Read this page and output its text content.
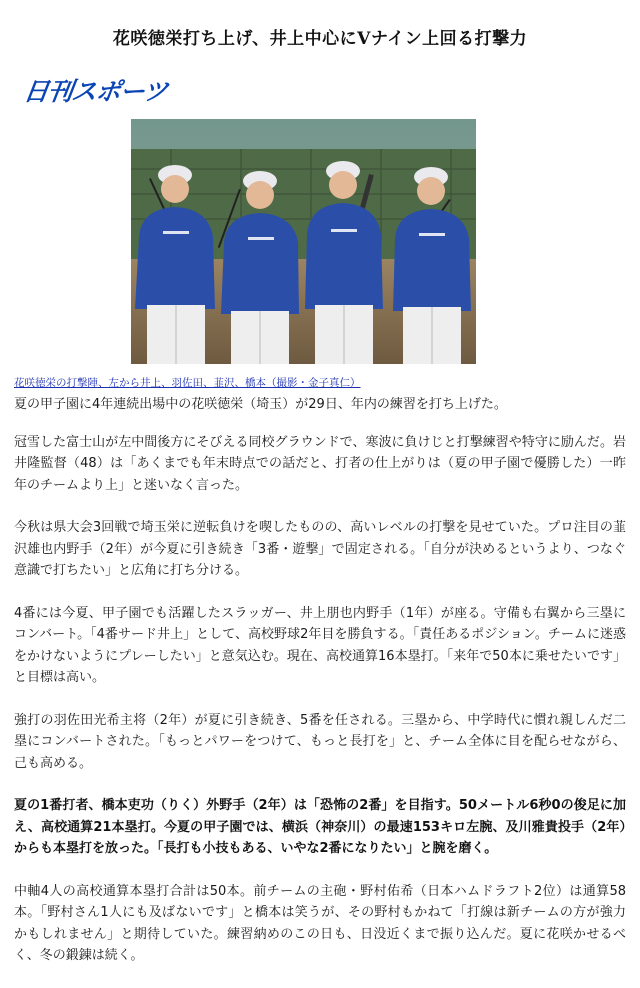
花咲徳栄打ち上げ、井上中心にVナイン上回る打撃力
日刊スポーツ
花咲徳栄の打撃陣、左から井上、羽佐田、韮沢、橋本（撮影・金子真仁）

夏の甲子園に4年連続出場中の花咲徳栄（埼玉）が29日、年内の練習を打ち上げた。

冠雪した富士山が左中間後方にそびえる同校グラウンドで、寒波に負けじと打撃練習や特守に励んだ。岩井隆監督（48）は「あくまでも年末時点での話だと、打者の仕上がりは（夏の甲子園で優勝した）一昨年のチームより上」と迷いなく言った。

今秋は県大会3回戦で埼玉栄に逆転負けを喫したものの、高いレベルの打撃を見せていた。プロ注目の韮沢雄也内野手（2年）が今夏に引き続き「3番・遊撃」で固定される。「自分が決めるというより、つなぐ意識で打ちたい」と広角に打ち分ける。

4番には今夏、甲子園でも活躍したスラッガー、井上朋也内野手（1年）が座る。守備も右翼から三塁にコンバート。「4番サード井上」として、高校野球2年目を勝負する。「責任あるポジション。チームに迷惑をかけないようにプレーしたい」と意気込む。現在、高校通算16本塁打。「来年で50本に乗せたいです」と目標は高い。

強打の羽佐田光希主将（2年）が夏に引き続き、5番を任される。三塁から、中学時代に慣れ親しんだ二塁にコンバートされた。「もっとパワーをつけて、もっと長打を」と、チーム全体に目を配らせながら、己も高める。

夏の1番打者、橋本吏功（りく）外野手（2年）は「恐怖の2番」を目指す。50メートル6秒0の俊足に加え、高校通算21本塁打。今夏の甲子園では、横浜（神奈川）の最速153キロ左腕、及川雅貴投手（2年）からも本塁打を放った。「長打も小技もある、いやな2番になりたい」と腕を磨く。

中軸4人の高校通算本塁打合計は50本。前チームの主砲・野村佑希（日本ハムドラフト2位）は通算58本。「野村さん1人にも及ばないです」と橋本は笑うが、その野村もかねて「打線は新チームの方が強力かもしれません」と期待していた。練習納めのこの日も、日没近くまで振り込んだ。夏に花咲かせるべく、冬の鍛錬は続く。
